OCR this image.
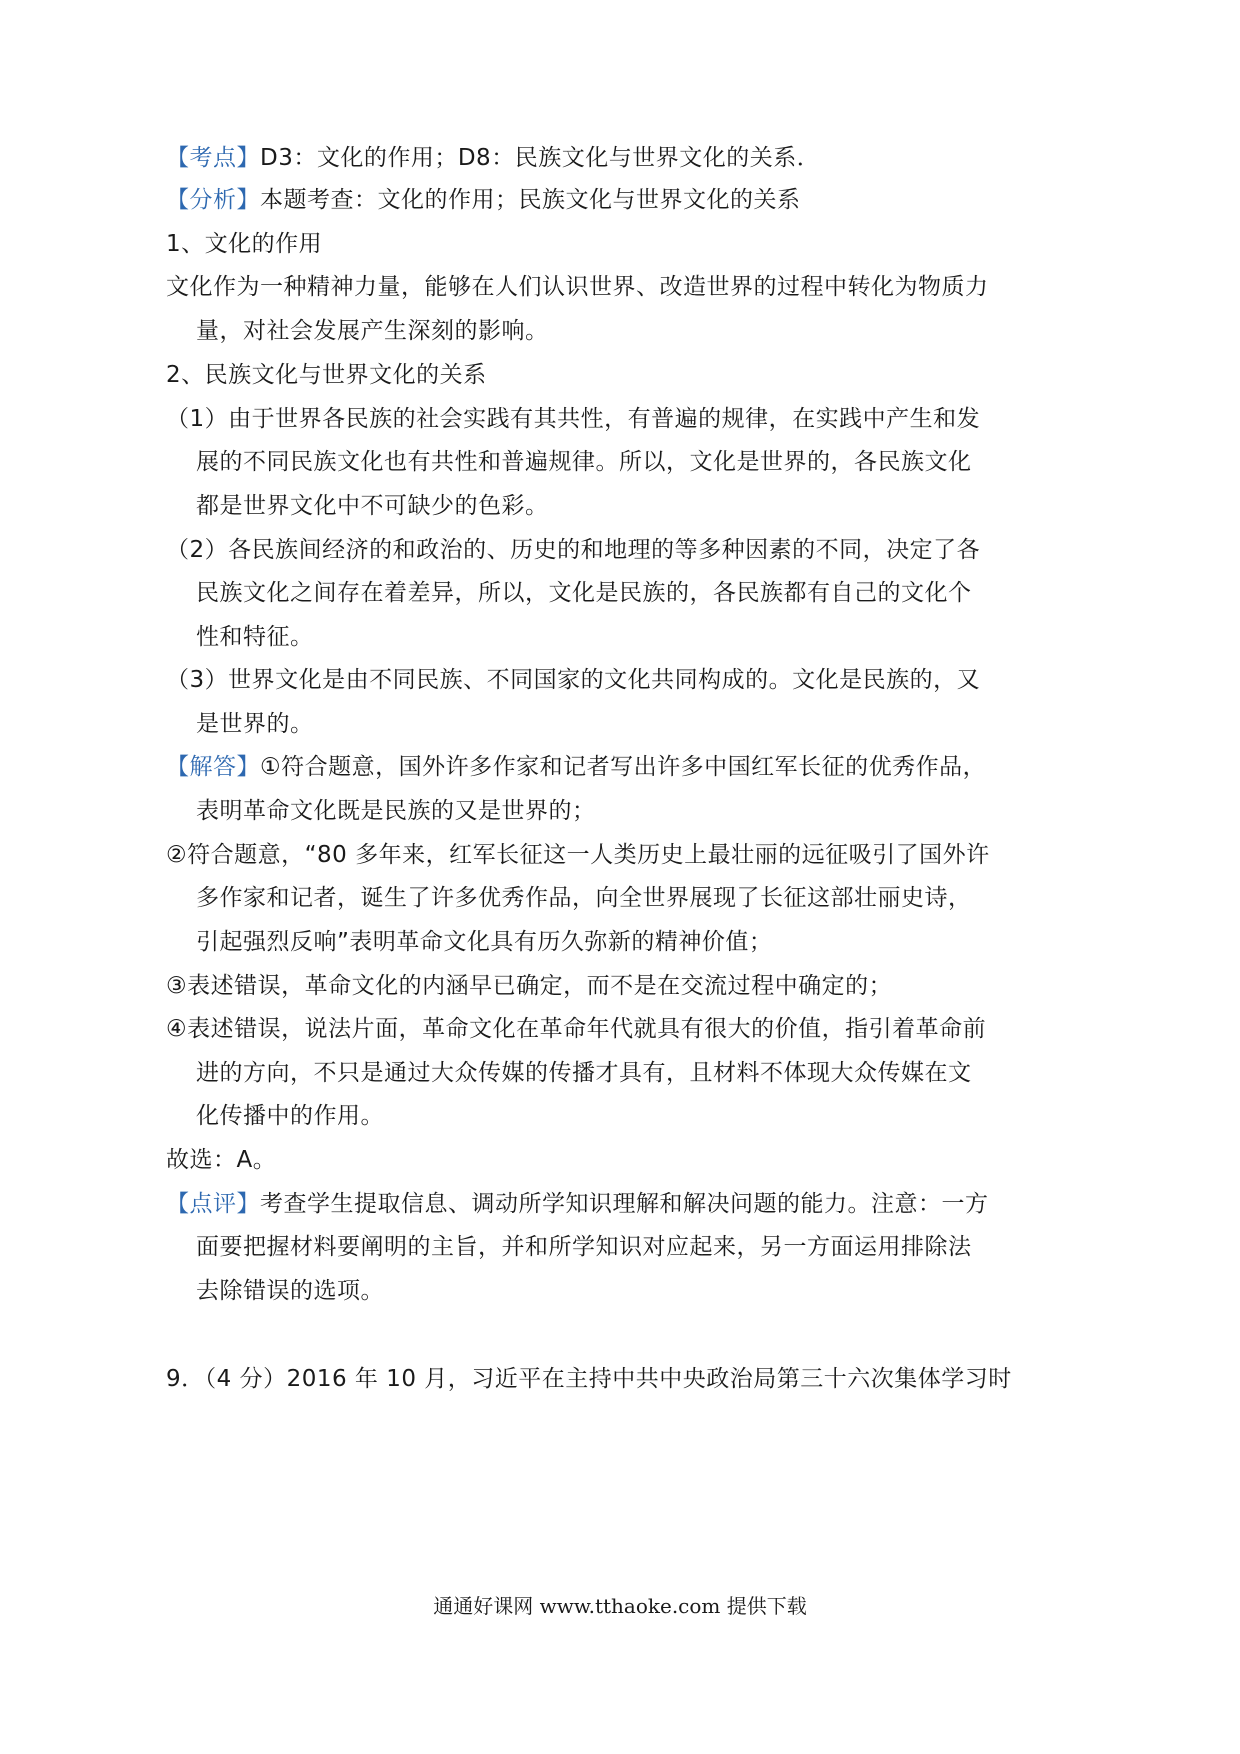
【考点】D3：文化的作用；D8：民族文化与世界文化的关系．
【分析】本题考查：文化的作用；民族文化与世界文化的关系
1、文化的作用
文化作为一种精神力量，能够在人们认识世界、改造世界的过程中转化为物质力
量，对社会发展产生深刻的影响。
2、民族文化与世界文化的关系
（1）由于世界各民族的社会实践有其共性，有普遍的规律，在实践中产生和发
展的不同民族文化也有共性和普遍规律。所以，文化是世界的，各民族文化
都是世界文化中不可缺少的色彩。
（2）各民族间经济的和政治的、历史的和地理的等多种因素的不同，决定了各
民族文化之间存在着差异，所以，文化是民族的，各民族都有自己的文化个
性和特征。
（3）世界文化是由不同民族、不同国家的文化共同构成的。文化是民族的，又
是世界的。
【解答】①符合题意，国外许多作家和记者写出许多中国红军长征的优秀作品，
表明革命文化既是民族的又是世界的；
②符合题意，“80 多年来，红军长征这一人类历史上最壮丽的远征吸引了国外许
多作家和记者，诞生了许多优秀作品，向全世界展现了长征这部壮丽史诗，
引起强烈反响”表明革命文化具有历久弥新的精神价值；
③表述错误，革命文化的内涵早已确定，而不是在交流过程中确定的；
④表述错误，说法片面，革命文化在革命年代就具有很大的价值，指引着革命前
进的方向，不只是通过大众传媒的传播才具有，且材料不体现大众传媒在文
化传播中的作用。
故选：A。
【点评】考查学生提取信息、调动所学知识理解和解决问题的能力。注意：一方
面要把握材料要阐明的主旨，并和所学知识对应起来，另一方面运用排除法
去除错误的选项。
9．（4 分）2016 年 10 月，习近平在主持中共中央政治局第三十六次集体学习时
通通好课网 www.tthaoke.com 提供下载
